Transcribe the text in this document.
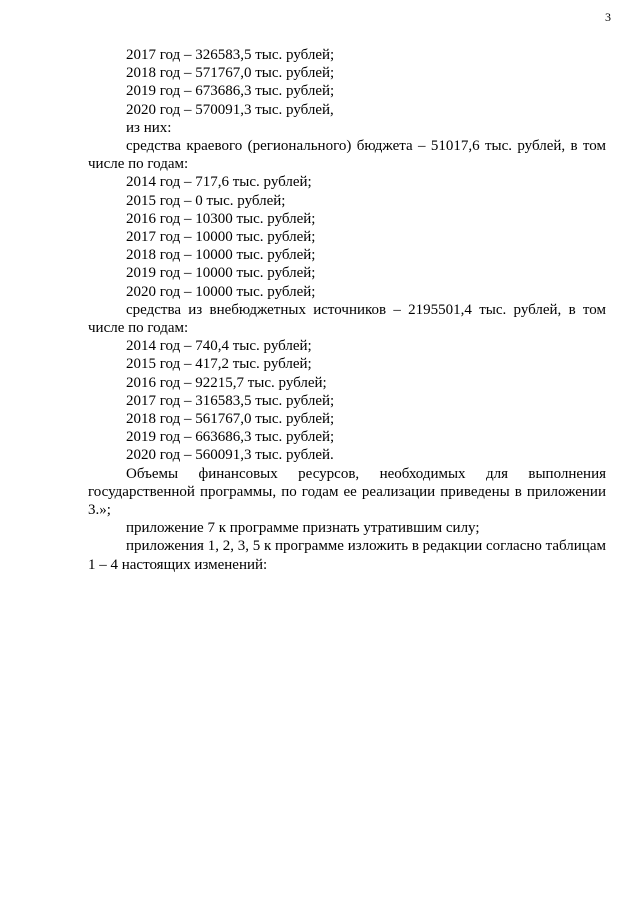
3
2017 год – 326583,5 тыс. рублей;
2018 год – 571767,0 тыс. рублей;
2019 год – 673686,3 тыс. рублей;
2020 год – 570091,3 тыс. рублей,
из них:

средства краевого (регионального) бюджета – 51017,6 тыс. рублей, в том числе по годам:

2014 год – 717,6 тыс. рублей;
2015 год – 0 тыс. рублей;
2016 год – 10300 тыс. рублей;
2017 год – 10000 тыс. рублей;
2018 год – 10000 тыс. рублей;
2019 год – 10000 тыс. рублей;
2020 год – 10000 тыс. рублей;

средства из внебюджетных источников – 2195501,4 тыс. рублей, в том числе по годам:

2014 год – 740,4 тыс. рублей;
2015 год – 417,2 тыс. рублей;
2016 год – 92215,7 тыс. рублей;
2017 год – 316583,5 тыс. рублей;
2018 год – 561767,0 тыс. рублей;
2019 год – 663686,3 тыс. рублей;
2020 год – 560091,3 тыс. рублей.

Объемы финансовых ресурсов, необходимых для выполнения государственной программы, по годам ее реализации приведены в приложении 3.»;

приложение 7 к программе признать утратившим силу;

приложения 1, 2, 3, 5 к программе изложить в редакции согласно таблицам 1 – 4 настоящих изменений:
